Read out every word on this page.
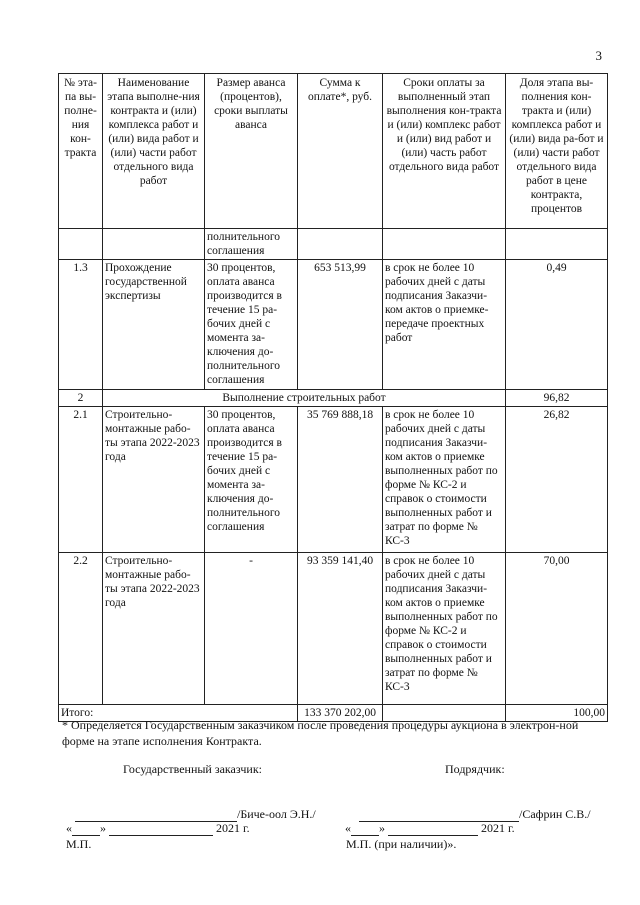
3
№ эта-па вы-полне-ния кон-тракта	Наименование этапа выполне-ния контракта и (или) комплекса работ и (или) вида работ и (или) части работ отдельного вида работ	Размер аванса (процентов), сроки выплаты аванса	Сумма к оплате*, руб.	Сроки оплаты за выполненный этап выполнения кон-тракта и (или) комплекс работ и (или) вид работ и (или) часть работ отдельного вида работ	Доля этапа вы-полнения кон-тракта и (или) комплекса работ и (или) вида ра-бот и (или) части работ отдельного вида работ в цене контракта, процентов
		полнительного соглашения			
1.3	Прохождение государственной экспертизы	30 процентов, оплата аванса производится в течение 15 ра-бочих дней с момента за-ключения до-полнительного соглашения	653 513,99	в срок не более 10 рабочих дней с даты подписания Заказчи-ком актов о приемке-передаче проектных работ	0,49
2	Выполнение строительных работ				96,82
2.1	Строительно-монтажные рабо-ты этапа 2022-2023 года	30 процентов, оплата аванса производится в течение 15 ра-бочих дней с момента за-ключения до-полнительного соглашения	35 769 888,18	в срок не более 10 рабочих дней с даты подписания Заказчи-ком актов о приемке выполненных работ по форме № КС-2 и справок о стоимости выполненных работ и затрат по форме № КС-3	26,82
2.2	Строительно-монтажные рабо-ты этапа 2022-2023 года	-	93 359 141,40	в срок не более 10 рабочих дней с даты подписания Заказчи-ком актов о приемке выполненных работ по форме № КС-2 и справок о стоимости выполненных работ и затрат по форме № КС-3	70,00
Итого:			133 370 202,00		100,00
* Определяется Государственным заказчиком после проведения процедуры аукциона в электрон-ной форме на этапе исполнения Контракта.
Государственный заказчик:	Подрядчик:
/Биче-оол Э.Н./	/Сафрин С.В./
« »	2021 г.	« »	2021 г.
М.П.	М.П. (при наличии)».
